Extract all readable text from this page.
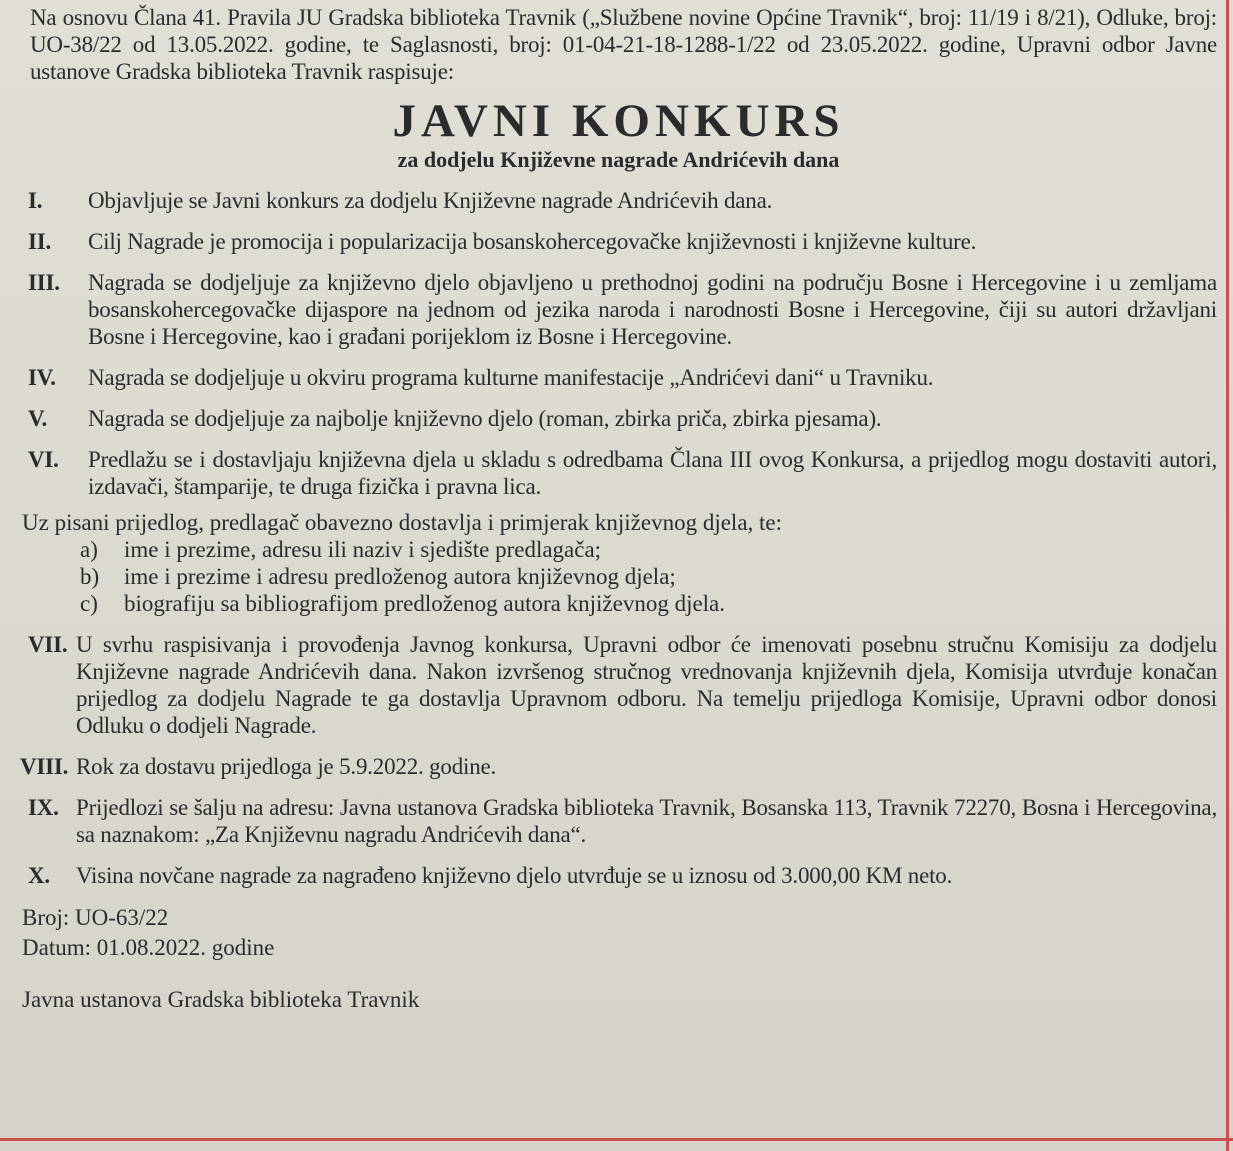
Na osnovu Člana 41. Pravila JU Gradska biblioteka Travnik („Službene novine Općine Travnik“, broj: 11/19 i 8/21), Odluke, broj: UO-38/22 od 13.05.2022. godine, te Saglasnosti, broj: 01-04-21-18-1288-1/22 od 23.05.2022. godine, Upravni odbor Javne ustanove Gradska biblioteka Travnik raspisuje:

JAVNI KONKURS
za dodjelu Književne nagrade Andrićevih dana
I.	Objavljuje se Javni konkurs za dodjelu Književne nagrade Andrićevih dana.
II.	Cilj Nagrade je promocija i popularizacija bosanskohercegovačke književnosti i književne kulture.
III.	Nagrada se dodjeljuje za književno djelo objavljeno u prethodnoj godini na području Bosne i Hercegovine i u zemljama bosanskohercegovačke dijaspore na jednom od jezika naroda i narodnosti Bosne i Hercegovine, čiji su autori državljani Bosne i Hercegovine, kao i građani porijeklom iz Bosne i Hercegovine.
IV.	Nagrada se dodjeljuje u okviru programa kulturne manifestacije „Andrićevi dani“ u Travniku.
V.	Nagrada se dodjeljuje za najbolje književno djelo (roman, zbirka priča, zbirka pjesama).
VI.	Predlažu se i dostavljaju književna djela u skladu s odredbama Člana III ovog Konkursa, a prijedlog mogu dostaviti autori, izdavači, štamparije, te druga fizička i pravna lica.

Uz pisani prijedlog, predlagač obavezno dostavlja i primjerak književnog djela, te:

a)	ime i prezime, adresu ili naziv i sjedište predlagača;
b)	ime i prezime i adresu predloženog autora književnog djela;
c)	biografiju sa bibliografijom predloženog autora književnog djela.
VII. U svrhu raspisivanja i provođenja Javnog konkursa, Upravni odbor će imenovati posebnu stručnu Komisiju za dodjelu Književne nagrade Andrićevih dana. Nakon izvršenog stručnog vrednovanja književnih djela, Komisija utvrđuje konačan prijedlog za dodjelu Nagrade te ga dostavlja Upravnom odboru. Na temelju prijedloga Komisije, Upravni odbor donosi Odluku o dodjeli Nagrade.
VIII. Rok za dostavu prijedloga je 5.9.2022. godine.
IX. Prijedlozi se šalju na adresu: Javna ustanova Gradska biblioteka Travnik, Bosanska 113, Travnik 72270, Bosna i Hercegovina, sa naznakom: „Za Književnu nagradu Andrićevih dana“.
X.	Visina novčane nagrade za nagrađeno književno djelo utvrđuje se u iznosu od 3.000,00 KM neto.
Broj: UO-63/22
Datum: 01.08.2022. godine
Javna ustanova Gradska biblioteka Travnik
